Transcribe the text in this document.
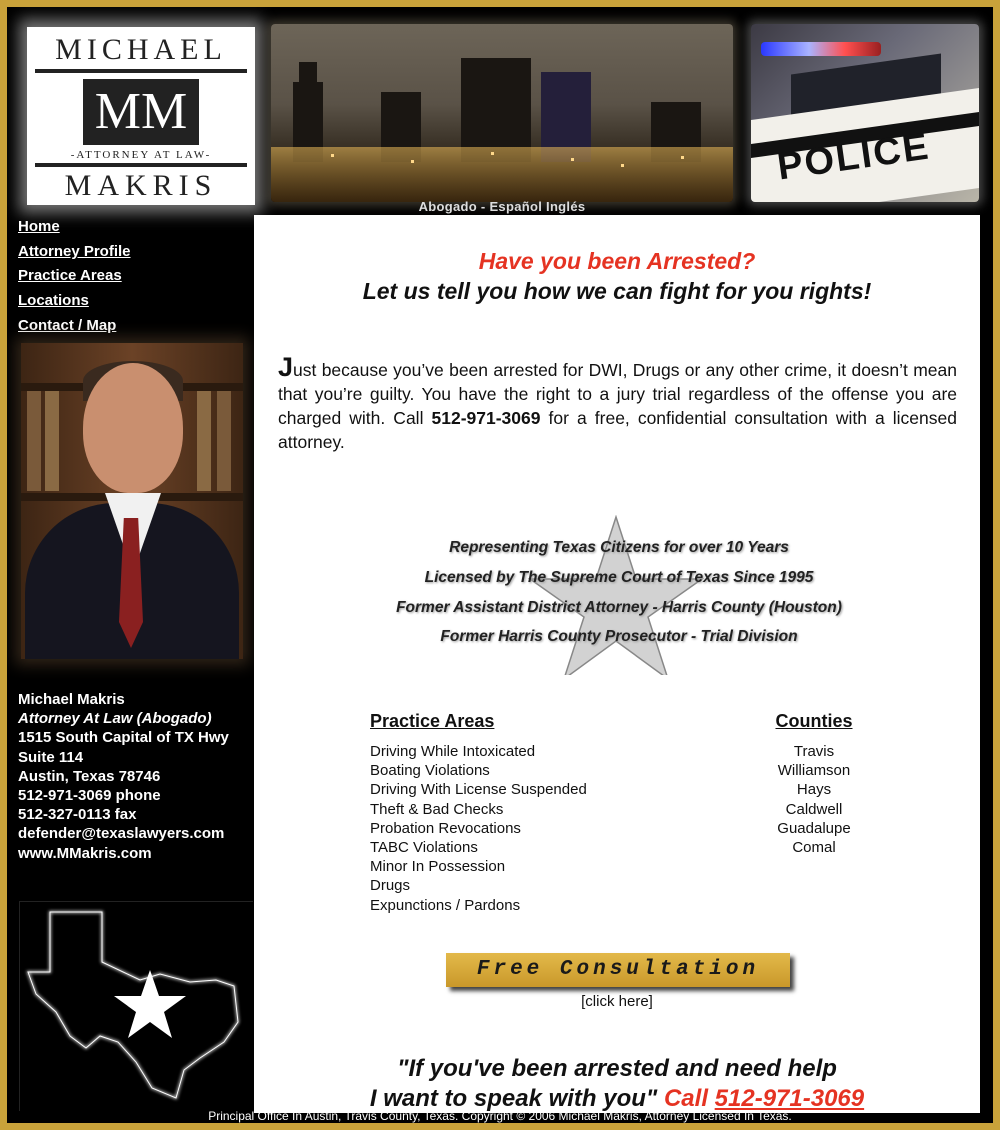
MICHAEL
MM
-ATTORNEY AT LAW-
MAKRIS
Abogado - Español Inglés
POLICE
Home
Attorney Profile
Practice Areas
Locations
Contact / Map
Michael Makris
Attorney At Law (Abogado)
1515 South Capital of TX Hwy
Suite 114
Austin, Texas 78746
512-971-3069 phone
512-327-0113 fax
defender@texaslawyers.com
www.MMakris.com
Have you been Arrested?
Let us tell you how we can fight for you rights!

Just because you’ve been arrested for DWI, Drugs or any other crime, it doesn’t mean that you’re guilty. You have the right to a jury trial regardless of the offense you are charged with. Call 512-971-3069 for a free, confidential consultation with a licensed attorney.

Representing Texas Citizens for over 10 Years
Licensed by The Supreme Court of Texas Since 1995
Former Assistant District Attorney - Harris County (Houston)
Former Harris County Prosecutor - Trial Division
Practice Areas
Driving While Intoxicated
Boating Violations
Driving With License Suspended
Theft & Bad Checks
Probation Revocations
TABC Violations
Minor In Possession
Drugs
Expunctions / Pardons
Counties
Travis
Williamson
Hays
Caldwell
Guadalupe
Comal
Free Consultation
[click here]
"If you've been arrested and need help
I want to speak with you" Call 512-971-3069
Principal Office In Austin, Travis County, Texas. Copyright © 2006 Michael Makris, Attorney Licensed In Texas.
